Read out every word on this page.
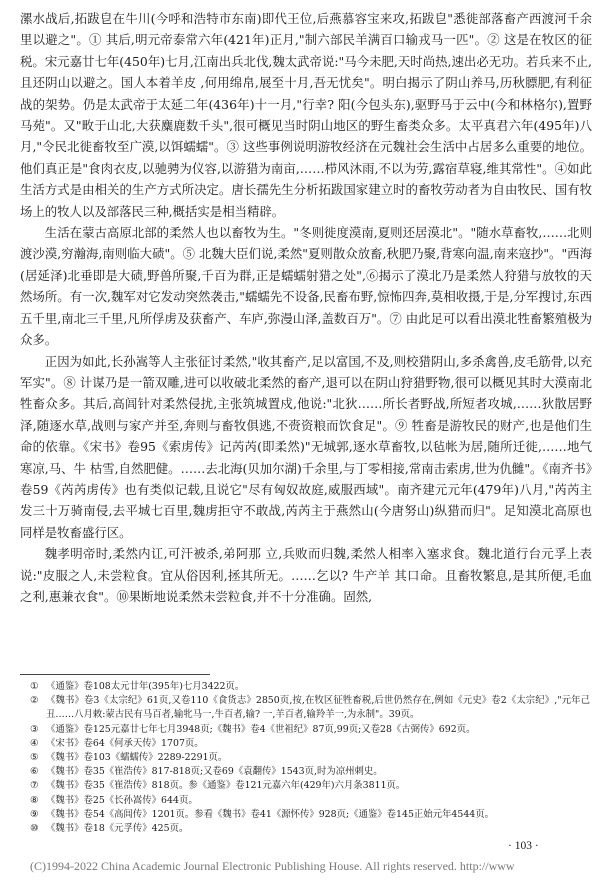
漯水战后,拓跋皀在牛川(今呼和浩特市东南)即代王位,后燕慕容宝来攻,拓跋皀"悉徙部落畜产西渡河千余里以避之"。① 其后,明元帝泰常六年(421年)正月,"制六部民羊满百口输戎马一匹"。② 这是在牧区的征税。宋元嘉廿七年(450年)七月,江南出兵北伐,魏太武帝说:"马今未肥,天时尚热,速出必无功。若兵来不止,且还阴山以避之。国人本着羊皮 ,何用绵帛,展至十月,吾无忧矣"。明白揭示了阴山养马,历秋膘肥,有利征战的架势。仍是太武帝于太延二年(436年)十一月,"行幸? 阳(今包头东),驱野马于云中(今和林格尔),置野马苑"。又"畋于山北,大获麋鹿数千头",很可概见当时阴山地区的野生畜类众多。太平真君六年(495年)八月,"令民北徙畜牧至广漠,以饵蠕蠕"。③ 这些事例说明游牧经济在元魏社会生活中占居多么重要的地位。他们真正是"食肉衣皮,以驰骋为仪容,以游猎为南亩,……栉风沐雨,不以为劳,露宿草寝,维其常性"。④如此生活方式是由相关的生产方式所决定。唐长孺先生分析拓跋国家建立时的畜牧劳动者为自由牧民、国有牧场上的牧人以及部落民三种,概括实是相当精辟。

生活在蒙古高原北部的柔然人也以畜牧为生。"冬则徙度漠南,夏则还居漠北"。"随水草畜牧,……北则渡沙漠,穷瀚海,南则临大碛"。⑤ 北魏大臣们说,柔然"夏则散众放畜,秋肥乃聚,背寒向温,南来寇抄"。"西海(居延泽)北垂即是大碛,野兽所聚,千百为群,正是蠕蠕射猎之处",⑥揭示了漠北乃是柔然人狩猎与放牧的天然场所。有一次,魏军对它发动突然袭击,"蠕蠕先不设备,民畜布野,惊怖四奔,莫相收摄,于是,分军搜讨,东西五千里,南北三千里,凡所俘虏及获畜产、车庐,弥漫山泽,盖数百万"。⑦ 由此足可以看出漠北牲畜繁殖极为众多。

正因为如此,长孙嵩等人主张征讨柔然,"收其畜产,足以富国,不及,则校猎阴山,多杀禽兽,皮毛筋骨,以充军实"。⑧ 计谋乃是一箭双雕,进可以收破北柔然的畜产,退可以在阴山狩猎野物,很可以概见其时大漠南北牲畜众多。其后,高闾针对柔然侵扰,主张筑城置戍,他说:"北狄……所长者野战,所短者攻城,……狄散居野泽,随逐水草,战则与家产并至,奔则与畜牧俱逃,不赍资粮而饮食足"。⑨ 牲畜是游牧民的财产,也是他们生命的依靠。《宋书》卷95《索虏传》记芮芮(即柔然)"无城郭,逐水草畜牧,以毡帐为居,随所迁徙,……地气寒凉,马、牛 枯雪,自然肥健。……去北海(贝加尔湖)千余里,与丁零相接,常南击索虏,世为仇雠"。《南齐书》卷59《芮芮虏传》也有类似记载,且说它"尽有匈奴故庭,威服西域"。南齐建元元年(479年)八月,"芮芮主发三十万骑南侵,去平城七百里,魏虏拒守不敢战,芮芮主于燕然山(今唐努山)纵猎而归"。足知漠北高原也同样是牧畜盛行区。

魏孝明帝时,柔然内讧,可汗被杀,弟阿那 立,兵败而归魏,柔然人相率入塞求食。魏北道行台元孚上表说:"皮服之人,未尝粒食。宜从俗因利,拯其所无。……乞以? 牛产羊 其口命。且畜牧繁息,是其所便,毛血之利,惠兼衣食"。⑩果断地说柔然未尝粒食,并不十分准确。固然,

① 《通鉴》卷108太元廿年(395年)七月3422页。
② 《魏书》卷3《太宗纪》61页,又卷110《食货志》2850页,按,在牧区征牲畜税,后世仍然存在,例如《元史》卷2《太宗纪》,"元年己丑……八月敕:蒙古民有马百者,输牝马一,牛百者,输? 一,羊百者,输羚羊一,为永制"。39页。
③ 《通鉴》卷125元嘉廿七年七月3948页;《魏书》卷4《世祖纪》87页,99页;又卷28《古弼传》692页。
④ 《宋书》卷64《何承天传》1707页。
⑤ 《魏书》卷103《蠕蠕传》2289-2291页。
⑥ 《魏书》卷35《崔浩传》817-818页;又卷69《袁翻传》1543页,时为凉州刺史。
⑦ 《魏书》卷35《崔浩传》818页。参《通鉴》卷121元嘉六年(429年)六月条3811页。
⑧ 《魏书》卷25《长孙嵩传》644页。
⑨ 《魏书》卷54《高闾传》1201页。参看《魏书》卷41《源怀传》928页;《通鉴》卷145正始元年4544页。
⑩ 《魏书》卷18《元孚传》425页。
· 103 ·
(C)1994-2022 China Academic Journal Electronic Publishing House. All rights reserved. http://www
